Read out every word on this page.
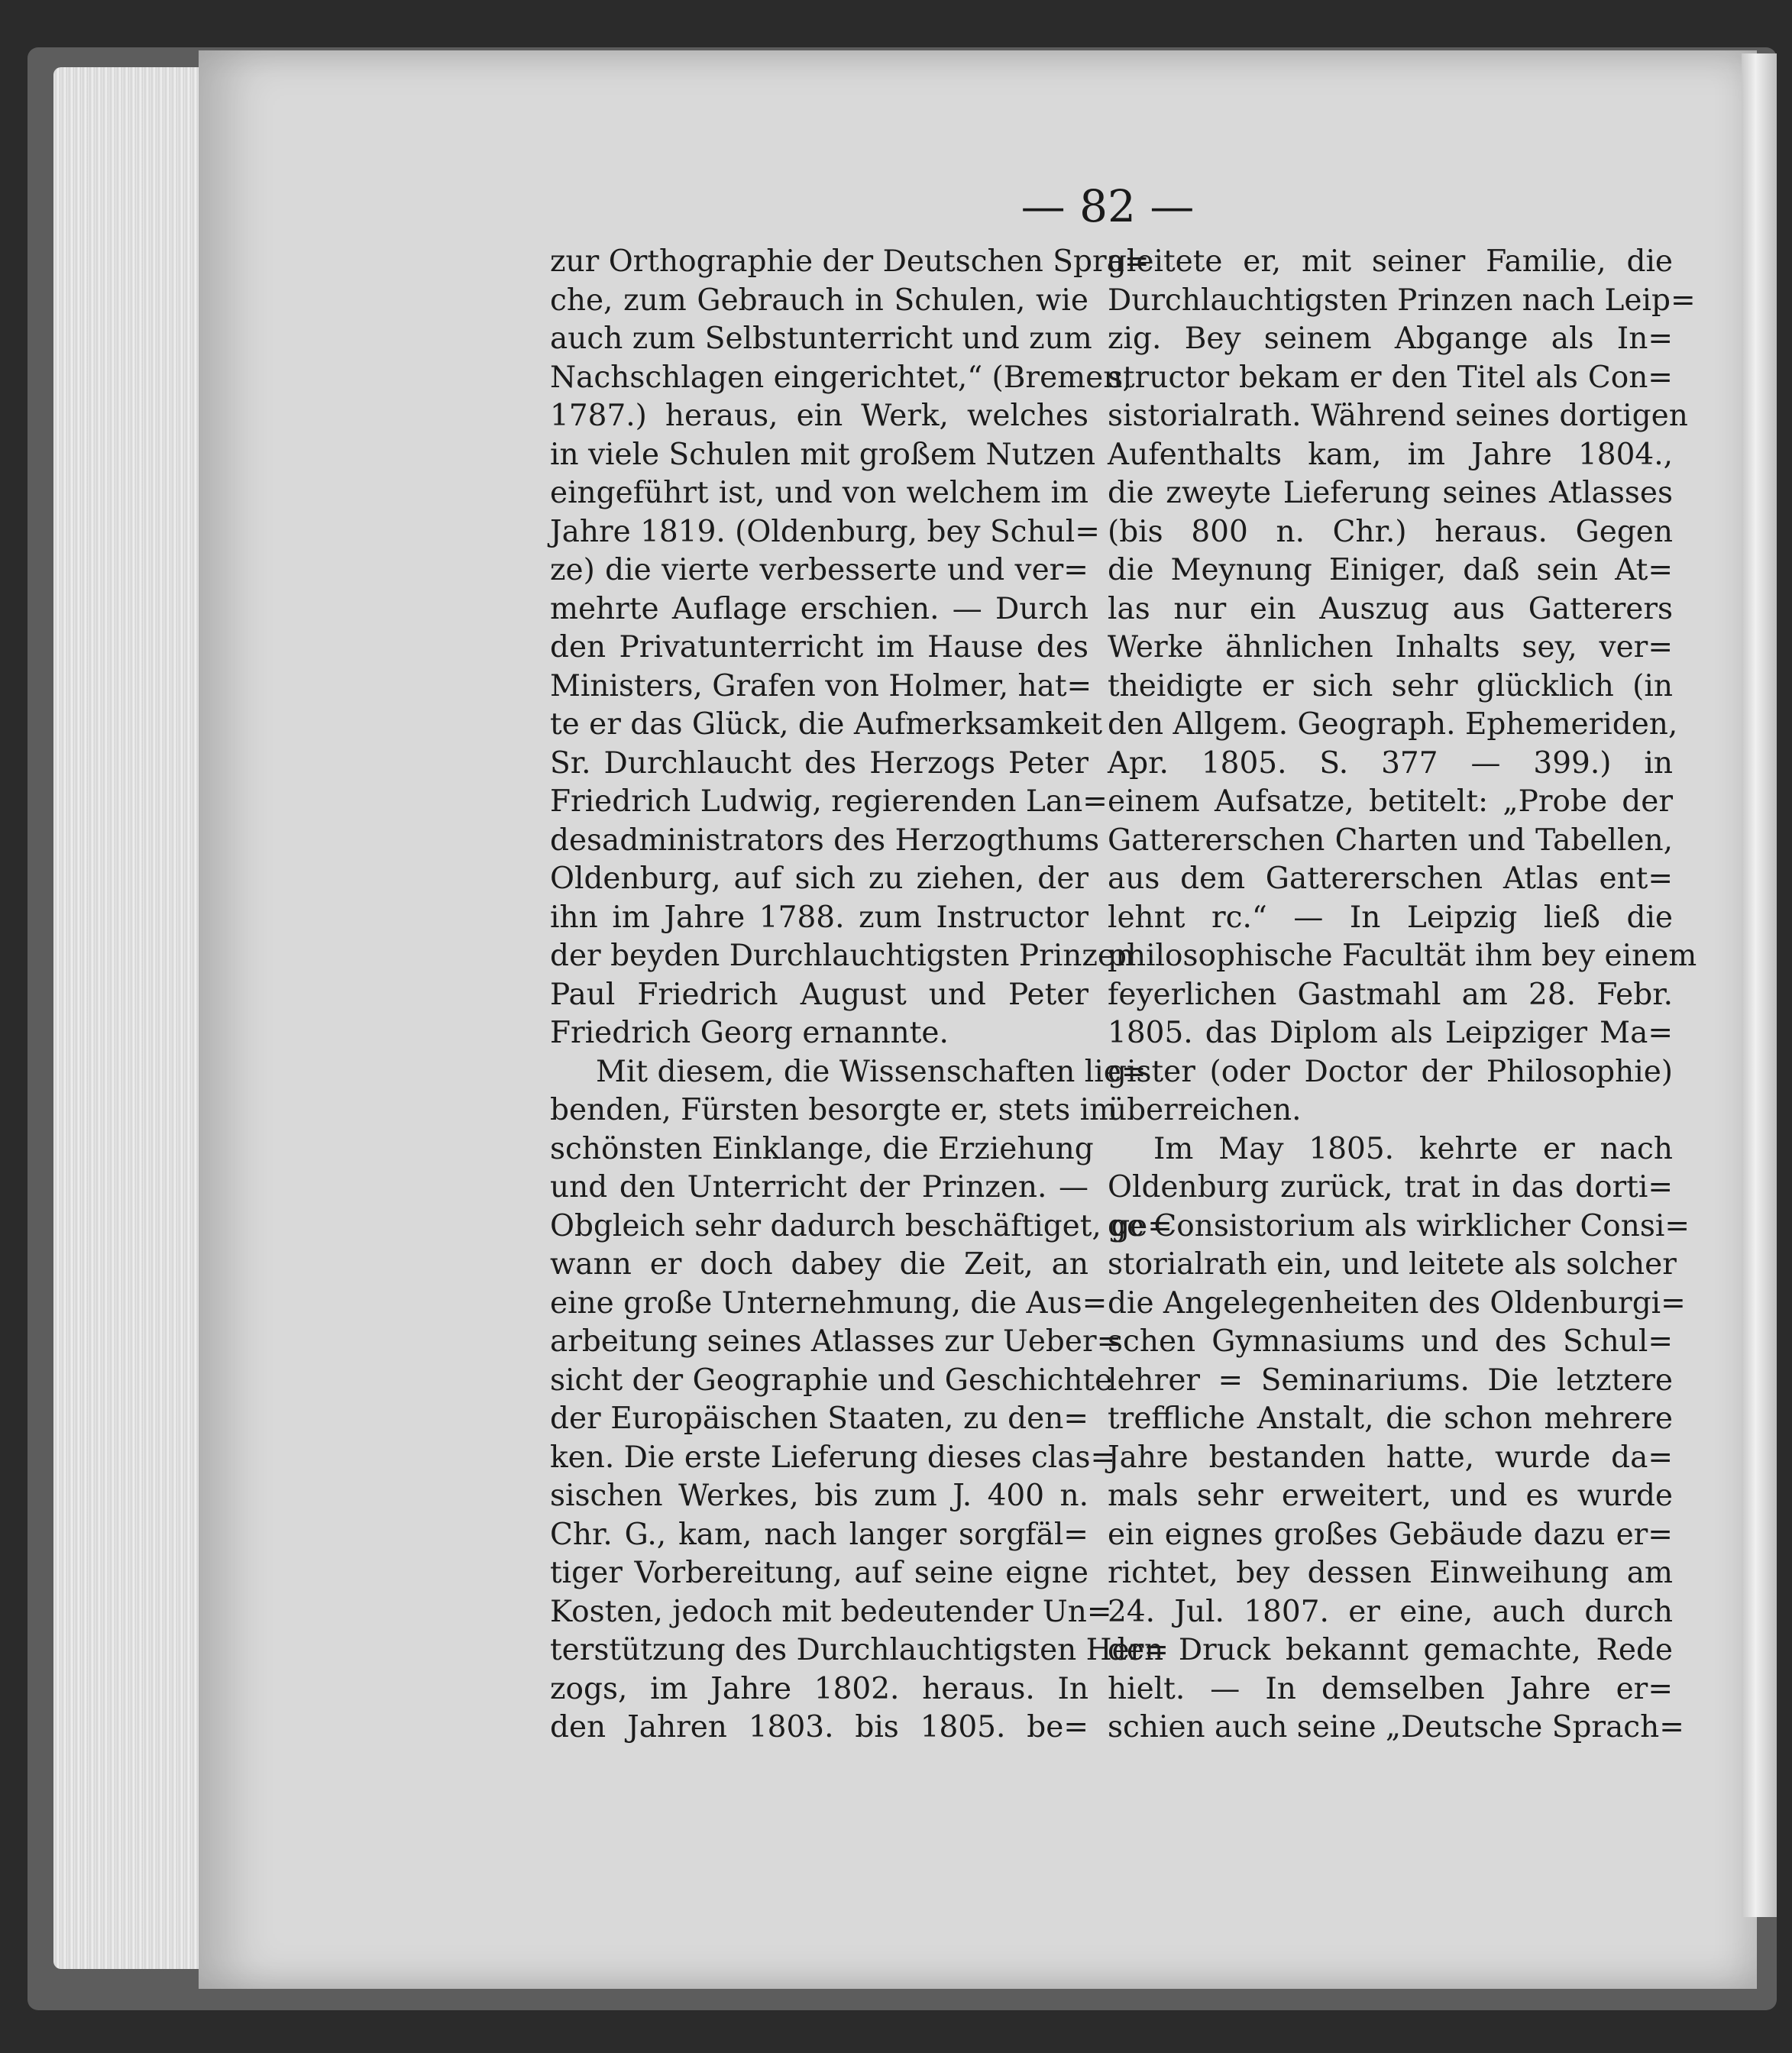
— 82 —
zur Orthographie der Deutschen Spra=
che, zum Gebrauch in Schulen, wie
auch zum Selbstunterricht und zum
Nachschlagen eingerichtet,“ (Bremen,
1787.) heraus, ein Werk, welches
in viele Schulen mit großem Nutzen
eingeführt ist, und von welchem im
Jahre 1819. (Oldenburg, bey Schul=
ze) die vierte verbesserte und ver=
mehrte Auflage erschien. — Durch
den Privatunterricht im Hause des
Ministers, Grafen von Holmer, hat=
te er das Glück, die Aufmerksamkeit
Sr. Durchlaucht des Herzogs Peter
Friedrich Ludwig, regierenden Lan=
desadministrators des Herzogthums
Oldenburg, auf sich zu ziehen, der
ihn im Jahre 1788. zum Instructor
der beyden Durchlauchtigsten Prinzen
Paul Friedrich August und Peter
Friedrich Georg ernannte.
Mit diesem, die Wissenschaften lie=
benden, Fürsten besorgte er, stets im
schönsten Einklange, die Erziehung
und den Unterricht der Prinzen. —
Obgleich sehr dadurch beschäftiget, ge=
wann er doch dabey die Zeit, an
eine große Unternehmung, die Aus=
arbeitung seines Atlasses zur Ueber=
sicht der Geographie und Geschichte
der Europäischen Staaten, zu den=
ken. Die erste Lieferung dieses clas=
sischen Werkes, bis zum J. 400 n.
Chr. G., kam, nach langer sorgfäl=
tiger Vorbereitung, auf seine eigne
Kosten, jedoch mit bedeutender Un=
terstützung des Durchlauchtigsten Her=
zogs, im Jahre 1802. heraus. In
den Jahren 1803. bis 1805. be=
gleitete er, mit seiner Familie, die
Durchlauchtigsten Prinzen nach Leip=
zig. Bey seinem Abgange als In=
structor bekam er den Titel als Con=
sistorialrath. Während seines dortigen
Aufenthalts kam, im Jahre 1804.,
die zweyte Lieferung seines Atlasses
(bis 800 n. Chr.) heraus. Gegen
die Meynung Einiger, daß sein At=
las nur ein Auszug aus Gatterers
Werke ähnlichen Inhalts sey, ver=
theidigte er sich sehr glücklich (in
den Allgem. Geograph. Ephemeriden,
Apr. 1805. S. 377 — 399.) in
einem Aufsatze, betitelt: „Probe der
Gattererschen Charten und Tabellen,
aus dem Gattererschen Atlas ent=
lehnt rc.“ — In Leipzig ließ die
philosophische Facultät ihm bey einem
feyerlichen Gastmahl am 28. Febr.
1805. das Diplom als Leipziger Ma=
gister (oder Doctor der Philosophie)
überreichen.
Im May 1805. kehrte er nach
Oldenburg zurück, trat in das dorti=
ge Consistorium als wirklicher Consi=
storialrath ein, und leitete als solcher
die Angelegenheiten des Oldenburgi=
schen Gymnasiums und des Schul=
lehrer = Seminariums. Die letztere
treffliche Anstalt, die schon mehrere
Jahre bestanden hatte, wurde da=
mals sehr erweitert, und es wurde
ein eignes großes Gebäude dazu er=
richtet, bey dessen Einweihung am
24. Jul. 1807. er eine, auch durch
den Druck bekannt gemachte, Rede
hielt. — In demselben Jahre er=
schien auch seine „Deutsche Sprach=
